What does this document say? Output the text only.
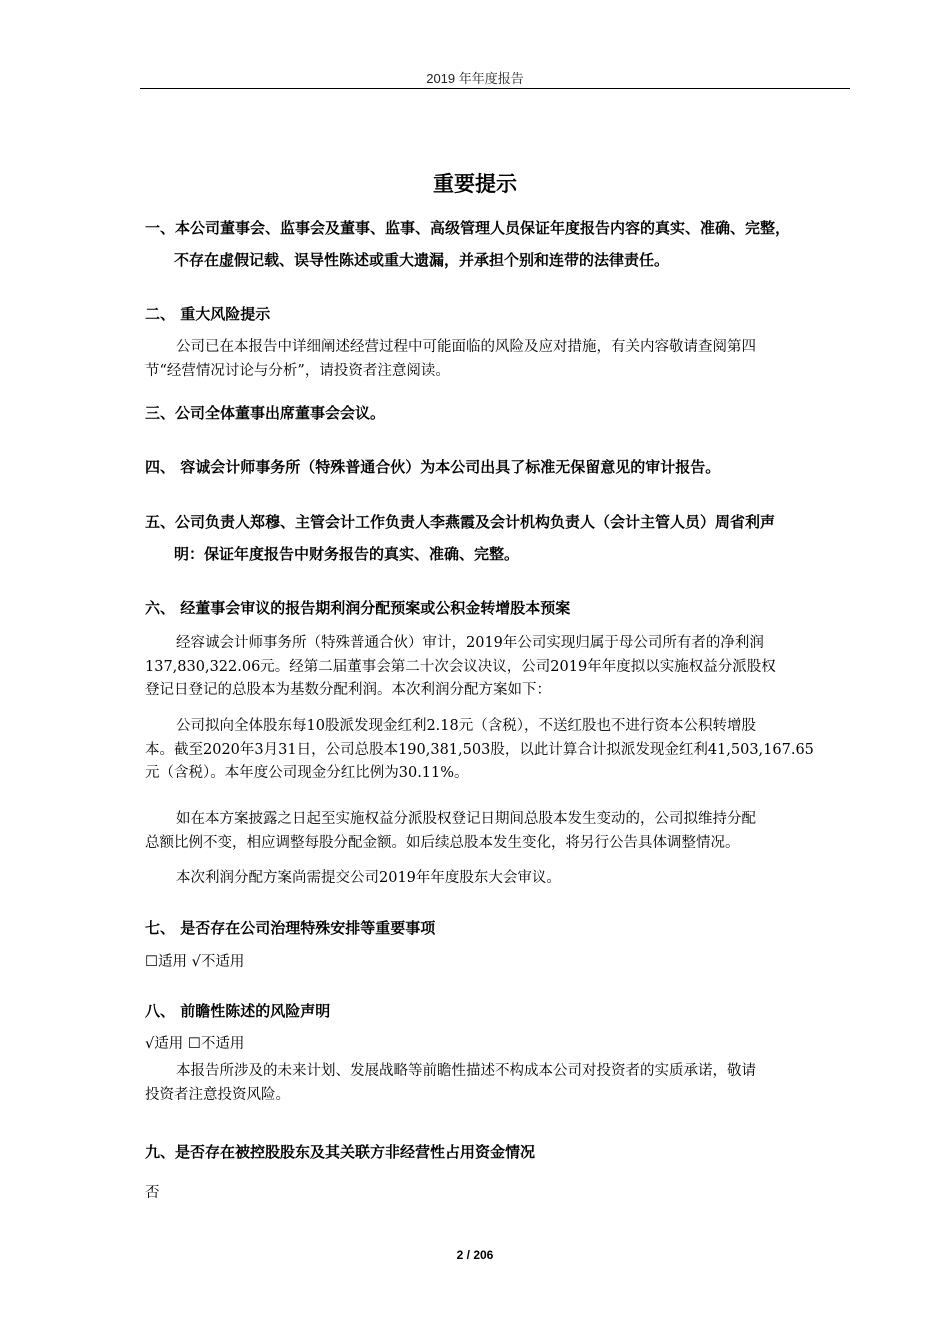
2019 年年度报告
重要提示
一、本公司董事会、监事会及董事、监事、高级管理人员保证年度报告内容的真实、准确、完整，
不存在虚假记载、误导性陈述或重大遗漏，并承担个别和连带的法律责任。
二、 重大风险提示
公司已在本报告中详细阐述经营过程中可能面临的风险及应对措施，有关内容敬请查阅第四
节“经营情况讨论与分析”，请投资者注意阅读。
三、公司全体董事出席董事会会议。
四、 容诚会计师事务所（特殊普通合伙）为本公司出具了标准无保留意见的审计报告。
五、公司负责人郑穆、主管会计工作负责人李燕霞及会计机构负责人（会计主管人员）周省利声
明：保证年度报告中财务报告的真实、准确、完整。
六、 经董事会审议的报告期利润分配预案或公积金转增股本预案
经容诚会计师事务所（特殊普通合伙）审计，2019年公司实现归属于母公司所有者的净利润
137,830,322.06元。经第二届董事会第二十次会议决议，公司2019年年度拟以实施权益分派股权
登记日登记的总股本为基数分配利润。本次利润分配方案如下：
公司拟向全体股东每10股派发现金红利2.18元（含税），不送红股也不进行资本公积转增股
本。截至2020年3月31日，公司总股本190,381,503股，以此计算合计拟派发现金红利41,503,167.65
元（含税）。本年度公司现金分红比例为30.11%。
如在本方案披露之日起至实施权益分派股权登记日期间总股本发生变动的，公司拟维持分配
总额比例不变，相应调整每股分配金额。如后续总股本发生变化，将另行公告具体调整情况。
本次利润分配方案尚需提交公司2019年年度股东大会审议。
七、 是否存在公司治理特殊安排等重要事项
☐适用 √不适用
八、 前瞻性陈述的风险声明
√适用 ☐不适用
本报告所涉及的未来计划、发展战略等前瞻性描述不构成本公司对投资者的实质承诺，敬请
投资者注意投资风险。
九、是否存在被控股股东及其关联方非经营性占用资金情况
否
2 / 206
